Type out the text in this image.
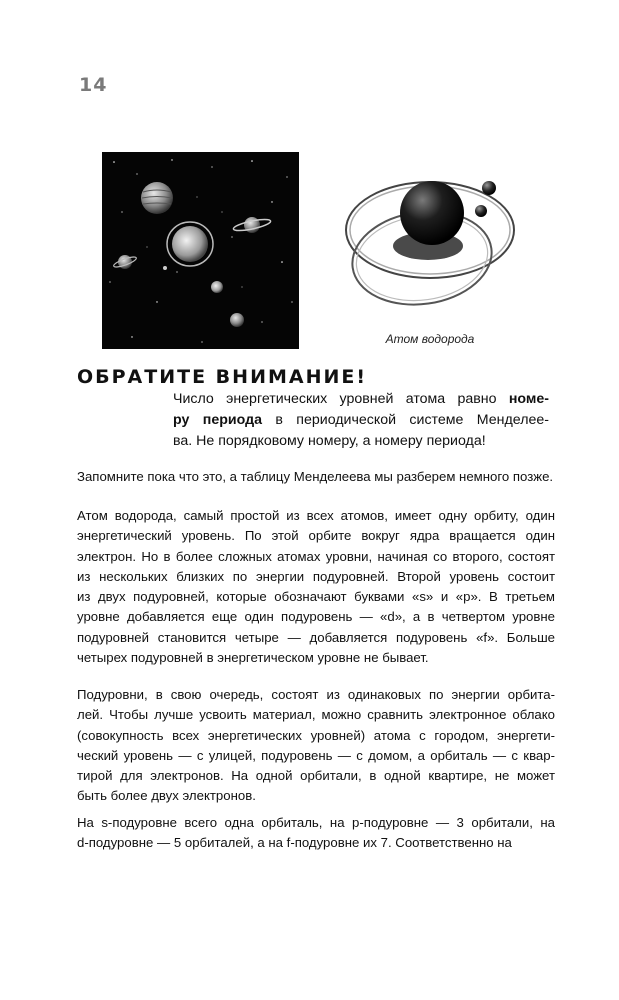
14
Атом водорода
ОБРАТИТЕ ВНИМАНИЕ!
Число энергетических уровней атома равно номе-
ру периода в периодической системе Менделее-
ва. Не порядковому номеру, а номеру периода!
Запомните пока что это, а таблицу Менделеева мы разберем немного позже.
Атом водорода, самый простой из всех атомов, имеет одну орбиту, один
энергетический уровень. По этой орбите вокруг ядра вращается один
электрон. Но в более сложных атомах уровни, начиная со второго, состоят
из нескольких близких по энергии подуровней. Второй уровень состоит
из двух подуровней, которые обозначают буквами «s» и «p». В третьем
уровне добавляется еще один подуровень — «d», а в четвертом уровне
подуровней становится четыре — добавляется подуровень «f». Больше
четырех подуровней в энергетическом уровне не бывает.
Подуровни, в свою очередь, состоят из одинаковых по энергии орбита-
лей. Чтобы лучше усвоить материал, можно сравнить электронное облако
(совокупность всех энергетических уровней) атома с городом, энергети-
ческий уровень — с улицей, подуровень — с домом, а орбиталь — с квар-
тирой для электронов. На одной орбитали, в одной квартире, не может
быть более двух электронов.
На s-подуровне всего одна орбиталь, на p-подуровне — 3 орбитали, на
d-подуровне — 5 орбиталей, а на f-подуровне их 7. Соответственно на
